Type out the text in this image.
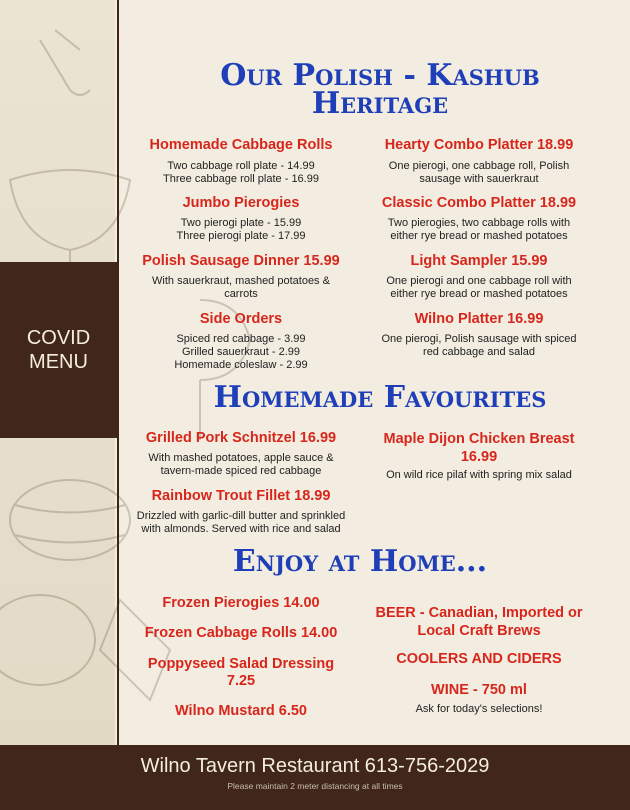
COVID
MENU
Our Polish - Kashub
Heritage
Homemade Cabbage Rolls
Two cabbage roll plate - 14.99
Three cabbage roll plate - 16.99
Hearty Combo Platter 18.99
One pierogi, one cabbage roll, Polish
sausage with sauerkraut
Jumbo Pierogies
Two pierogi plate - 15.99
Three pierogi plate - 17.99
Classic Combo Platter 18.99
Two pierogies, two cabbage rolls with
either rye bread or mashed potatoes
Polish Sausage Dinner 15.99
With sauerkraut, mashed potatoes &
carrots
Light Sampler 15.99
One pierogi and one cabbage roll with
either rye bread or mashed potatoes
Side Orders
Spiced red cabbage - 3.99
Grilled sauerkraut - 2.99
Homemade coleslaw - 2.99
Wilno Platter 16.99
One pierogi, Polish sausage with spiced
red cabbage and salad
Homemade Favourites
Grilled Pork Schnitzel 16.99
With mashed potatoes, apple sauce &
tavern-made spiced red cabbage
Maple Dijon Chicken Breast
16.99
On wild rice pilaf with spring mix salad
Rainbow Trout Fillet 18.99
Drizzled with garlic-dill butter and sprinkled
with almonds. Served with rice and salad
Enjoy at Home...
Frozen Pierogies 14.00
Frozen Cabbage Rolls 14.00
Poppyseed Salad Dressing
7.25
Wilno Mustard 6.50
BEER - Canadian, Imported or
Local Craft Brews
COOLERS AND CIDERS
WINE - 750 ml
Ask for today's selections!
Wilno Tavern Restaurant 613-756-2029
Please maintain 2 meter distancing at all times
